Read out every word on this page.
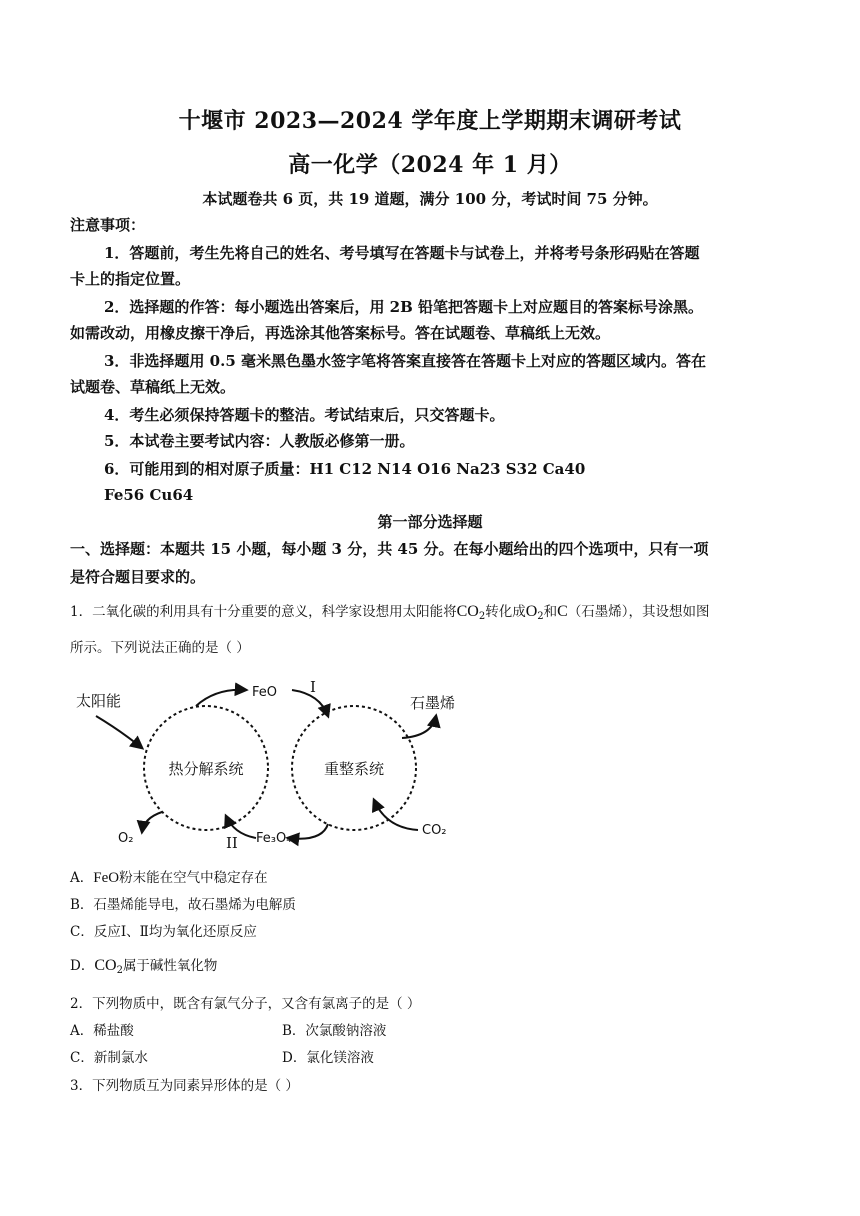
十堰市 2023—2024 学年度上学期期末调研考试
高一化学（2024 年 1 月）
本试题卷共 6 页，共 19 道题，满分 100 分，考试时间 75 分钟。
注意事项：
1．答题前，考生先将自己的姓名、考号填写在答题卡与试卷上，并将考号条形码贴在答题
卡上的指定位置。
2．选择题的作答：每小题选出答案后，用 2B 铅笔把答题卡上对应题目的答案标号涂黑。
如需改动，用橡皮擦干净后，再选涂其他答案标号。答在试题卷、草稿纸上无效。
3．非选择题用 0.5 毫米黑色墨水签字笔将答案直接答在答题卡上对应的答题区域内。答在
试题卷、草稿纸上无效。
4．考生必须保持答题卡的整洁。考试结束后，只交答题卡。
5．本试卷主要考试内容：人教版必修第一册。
6．可能用到的相对原子质量：H1 C12 N14 O16 Na23 S32 Ca40
Fe56 Cu64
第一部分选择题
一、选择题：本题共 15 小题，每小题 3 分，共 45 分。在每小题给出的四个选项中，只有一项
是符合题目要求的。
1．二氧化碳的利用具有十分重要的意义，科学家设想用太阳能将$CO_2$转化成$O_2$和C（石墨烯），其设想如图
所示。下列说法正确的是（ ）
太阳能	FeO I
石墨烯
热分解系统	重整系统
O₂	Fe₃O₄
II
CO₂
A．FeO粉末能在空气中稳定存在
B．石墨烯能导电，故石墨烯为电解质
C．反应Ⅰ、Ⅱ均为氧化还原反应
D．$CO_2$属于碱性氧化物
2．下列物质中，既含有氯气分子，又含有氯离子的是（ ）
A．稀盐酸	B．次氯酸钠溶液
C．新制氯水	D．氯化镁溶液
3．下列物质互为同素异形体的是（ ）
